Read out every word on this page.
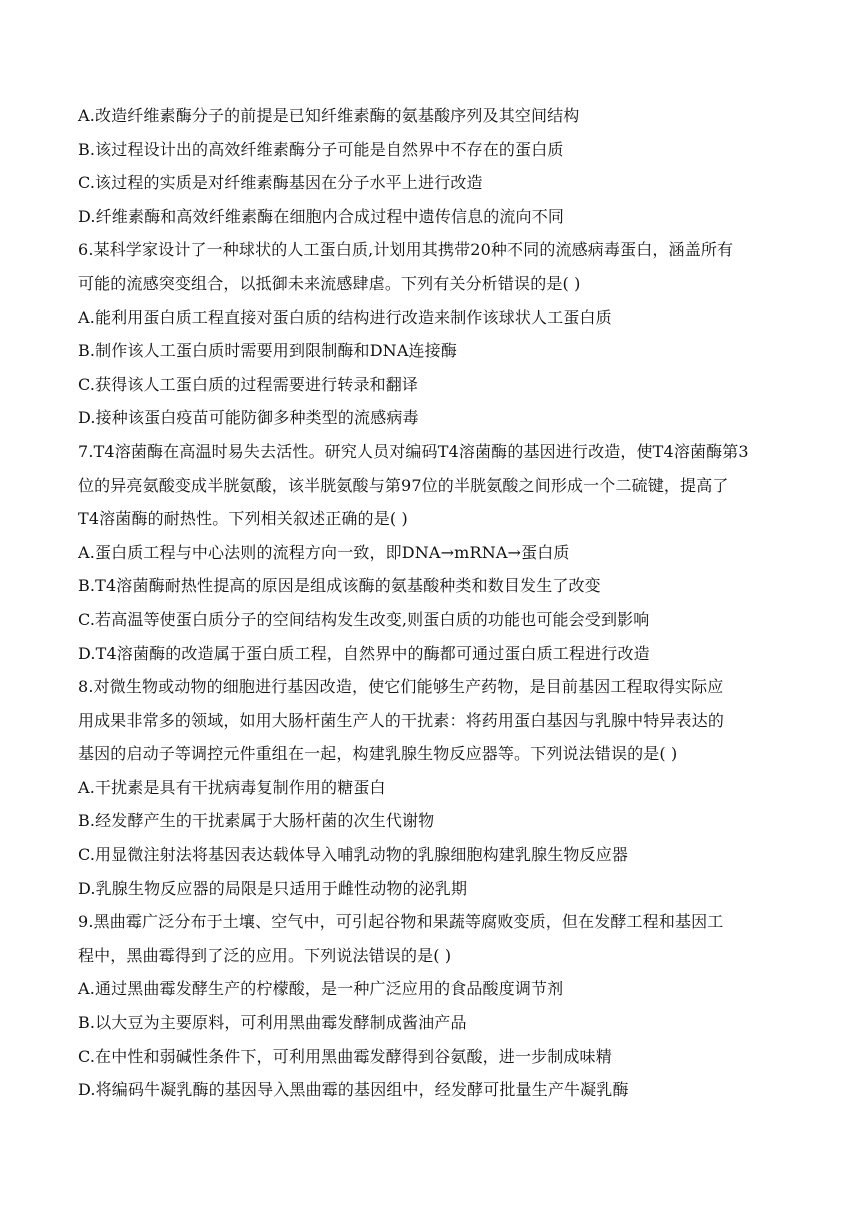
A.改造纤维素酶分子的前提是已知纤维素酶的氨基酸序列及其空间结构
B.该过程设计出的高效纤维素酶分子可能是自然界中不存在的蛋白质
C.该过程的实质是对纤维素酶基因在分子水平上进行改造
D.纤维素酶和高效纤维素酶在细胞内合成过程中遗传信息的流向不同
6.某科学家设计了一种球状的人工蛋白质,计划用其携带20种不同的流感病毒蛋白，涵盖所有
可能的流感突变组合，以抵御未来流感肆虐。下列有关分析错误的是( )
A.能利用蛋白质工程直接对蛋白质的结构进行改造来制作该球状人工蛋白质
B.制作该人工蛋白质时需要用到限制酶和DNA连接酶
C.获得该人工蛋白质的过程需要进行转录和翻译
D.接种该蛋白疫苗可能防御多种类型的流感病毒
7.T4溶菌酶在高温时易失去活性。研究人员对编码T4溶菌酶的基因进行改造，使T4溶菌酶第3
位的异亮氨酸变成半胱氨酸，该半胱氨酸与第97位的半胱氨酸之间形成一个二硫键，提高了
T4溶菌酶的耐热性。下列相关叙述正确的是( )
A.蛋白质工程与中心法则的流程方向一致，即DNA→mRNA→蛋白质
B.T4溶菌酶耐热性提高的原因是组成该酶的氨基酸种类和数目发生了改变
C.若高温等使蛋白质分子的空间结构发生改变,则蛋白质的功能也可能会受到影响
D.T4溶菌酶的改造属于蛋白质工程，自然界中的酶都可通过蛋白质工程进行改造
8.对微生物或动物的细胞进行基因改造，使它们能够生产药物，是目前基因工程取得实际应
用成果非常多的领域，如用大肠杆菌生产人的干扰素：将药用蛋白基因与乳腺中特异表达的
基因的启动子等调控元件重组在一起，构建乳腺生物反应器等。下列说法错误的是( )
A.干扰素是具有干扰病毒复制作用的糖蛋白
B.经发酵产生的干扰素属于大肠杆菌的次生代谢物
C.用显微注射法将基因表达载体导入哺乳动物的乳腺细胞构建乳腺生物反应器
D.乳腺生物反应器的局限是只适用于雌性动物的泌乳期
9.黑曲霉广泛分布于土壤、空气中，可引起谷物和果蔬等腐败变质，但在发酵工程和基因工
程中，黑曲霉得到了泛的应用。下列说法错误的是( )
A.通过黑曲霉发酵生产的柠檬酸，是一种广泛应用的食品酸度调节剂
B.以大豆为主要原料，可利用黑曲霉发酵制成酱油产品
C.在中性和弱碱性条件下，可利用黑曲霉发酵得到谷氨酸，进一步制成味精
D.将编码牛凝乳酶的基因导入黑曲霉的基因组中，经发酵可批量生产牛凝乳酶
